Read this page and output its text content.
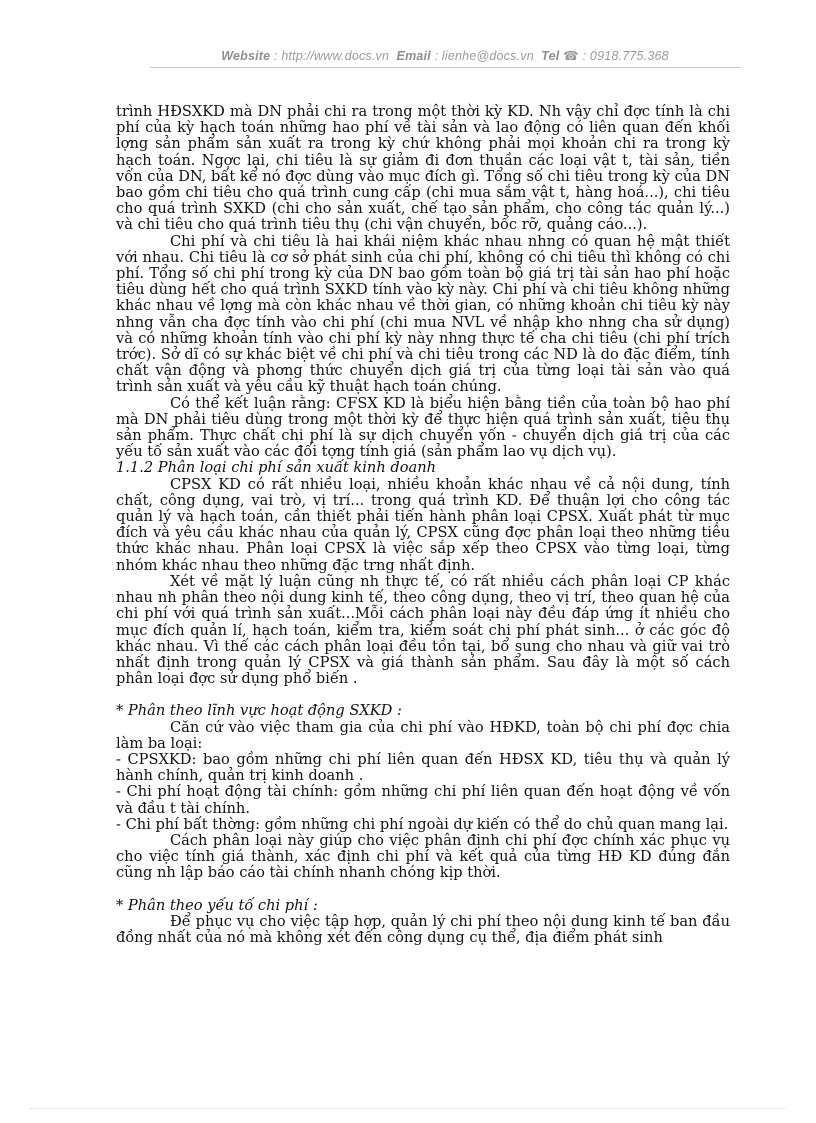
Website : http://www.docs.vn Email : lienhe@docs.vn Tel ☎ : 0918.775.368

trình HĐSXKD mà DN phải chi ra trong một thời kỳ KD. Nh vậy chỉ đợc tính là chi phí của kỳ hạch toán những hao phí về tài sản và lao động có liên quan đến khối lợng sản phẩm sản xuất ra trong kỳ chứ không phải mọi khoản chi ra trong kỳ hạch toán. Ngợc lại, chi tiêu là sự giảm đi đơn thuần các loại vật t, tài sản, tiền vốn của DN, bất kể nó đợc dùng vào mục đích gì. Tổng số chi tiêu trong kỳ của DN bao gồm chi tiêu cho quá trình cung cấp (chi mua sắm vật t, hàng hoá...), chi tiêu cho quá trình SXKD (chi cho sản xuất, chế tạo sản phẩm, cho công tác quản lý...) và chi tiêu cho quá trình tiêu thụ (chi vận chuyển, bốc rỡ, quảng cáo...).

Chi phí và chi tiêu là hai khái niệm khác nhau nhng có quan hệ mật thiết với nhau. Chi tiêu là cơ sở phát sinh của chi phí, không có chi tiêu thì không có chi phí. Tổng số chi phí trong kỳ của DN bao gồm toàn bộ giá trị tài sản hao phí hoặc tiêu dùng hết cho quá trình SXKD tính vào kỳ này. Chi phí và chi tiêu không những khác nhau về lợng mà còn khác nhau về thời gian, có những khoản chi tiêu kỳ này nhng vẫn cha đợc tính vào chi phí (chi mua NVL về nhập kho nhng cha sử dụng) và có những khoản tính vào chi phí kỳ này nhng thực tế cha chi tiêu (chi phí trích trớc). Sở dĩ có sự khác biệt về chi phí và chi tiêu trong các ND là do đặc điểm, tính chất vận động và phơng thức chuyển dịch giá trị của từng loại tài sản vào quá trình sản xuất và yêu cầu kỹ thuật hạch toán chúng.

Có thể kết luận rằng: CFSX KD là biểu hiện bằng tiền của toàn bộ hao phí mà DN phải tiêu dùng trong một thời kỳ để thực hiện quá trình sản xuất, tiêu thụ sản phẩm. Thực chất chi phí là sự dịch chuyển vốn - chuyển dịch giá trị của các yếu tố sản xuất vào các đối tợng tính giá (sản phẩm lao vụ dịch vụ).

1.1.2 Phân loại chi phí sản xuất kinh doanh

CPSX KD có rất nhiều loại, nhiều khoản khác nhau về cả nội dung, tính chất, công dụng, vai trò, vị trí... trong quá trình KD. Để thuận lợi cho công tác quản lý và hạch toán, cần thiết phải tiến hành phân loại CPSX. Xuất phát từ mục đích và yêu cầu khác nhau của quản lý, CPSX cũng đợc phân loại theo những tiêu thức khác nhau. Phân loại CPSX là việc sắp xếp theo CPSX vào từng loại, từng nhóm khác nhau theo những đặc trng nhất định.

Xét về mặt lý luận cũng nh thực tế, có rất nhiều cách phân loại CP khác nhau nh phân theo nội dung kinh tế, theo công dụng, theo vị trí, theo quan hệ của chi phí với quá trình sản xuất...Mỗi cách phân loại này đều đáp ứng ít nhiều cho mục đích quản lí, hạch toán, kiểm tra, kiểm soát chi phí phát sinh... ở các góc độ khác nhau. Vì thế các cách phân loại đều tồn tại, bổ sung cho nhau và giữ vai trò nhất định trong quản lý CPSX và giá thành sản phẩm. Sau đây là một số cách phân loại đợc sử dụng phổ biến .

* Phân theo lĩnh vực hoạt động SXKD :

Căn cứ vào việc tham gia của chi phí vào HĐKD, toàn bộ chi phí đợc chia làm ba loại:

- CPSXKD: bao gồm những chi phí liên quan đến HĐSX KD, tiêu thụ và quản lý hành chính, quản trị kinh doanh .

- Chi phí hoạt động tài chính: gồm những chi phí liên quan đến hoạt động về vốn và đầu t tài chính.

- Chi phí bất thờng: gồm những chi phí ngoài dự kiến có thể do chủ quan mang lại.

Cách phân loại này giúp cho việc phân định chi phí đợc chính xác phục vụ cho việc tính giá thành, xác định chi phí và kết quả của từng HĐ KD đúng đắn cũng nh lập báo cáo tài chính nhanh chóng kịp thời.

* Phân theo yếu tố chi phí :

Để phục vụ cho việc tập hợp, quản lý chi phí theo nội dung kinh tế ban đầu đồng nhất của nó mà không xét đến công dụng cụ thể, địa điểm phát sinh
